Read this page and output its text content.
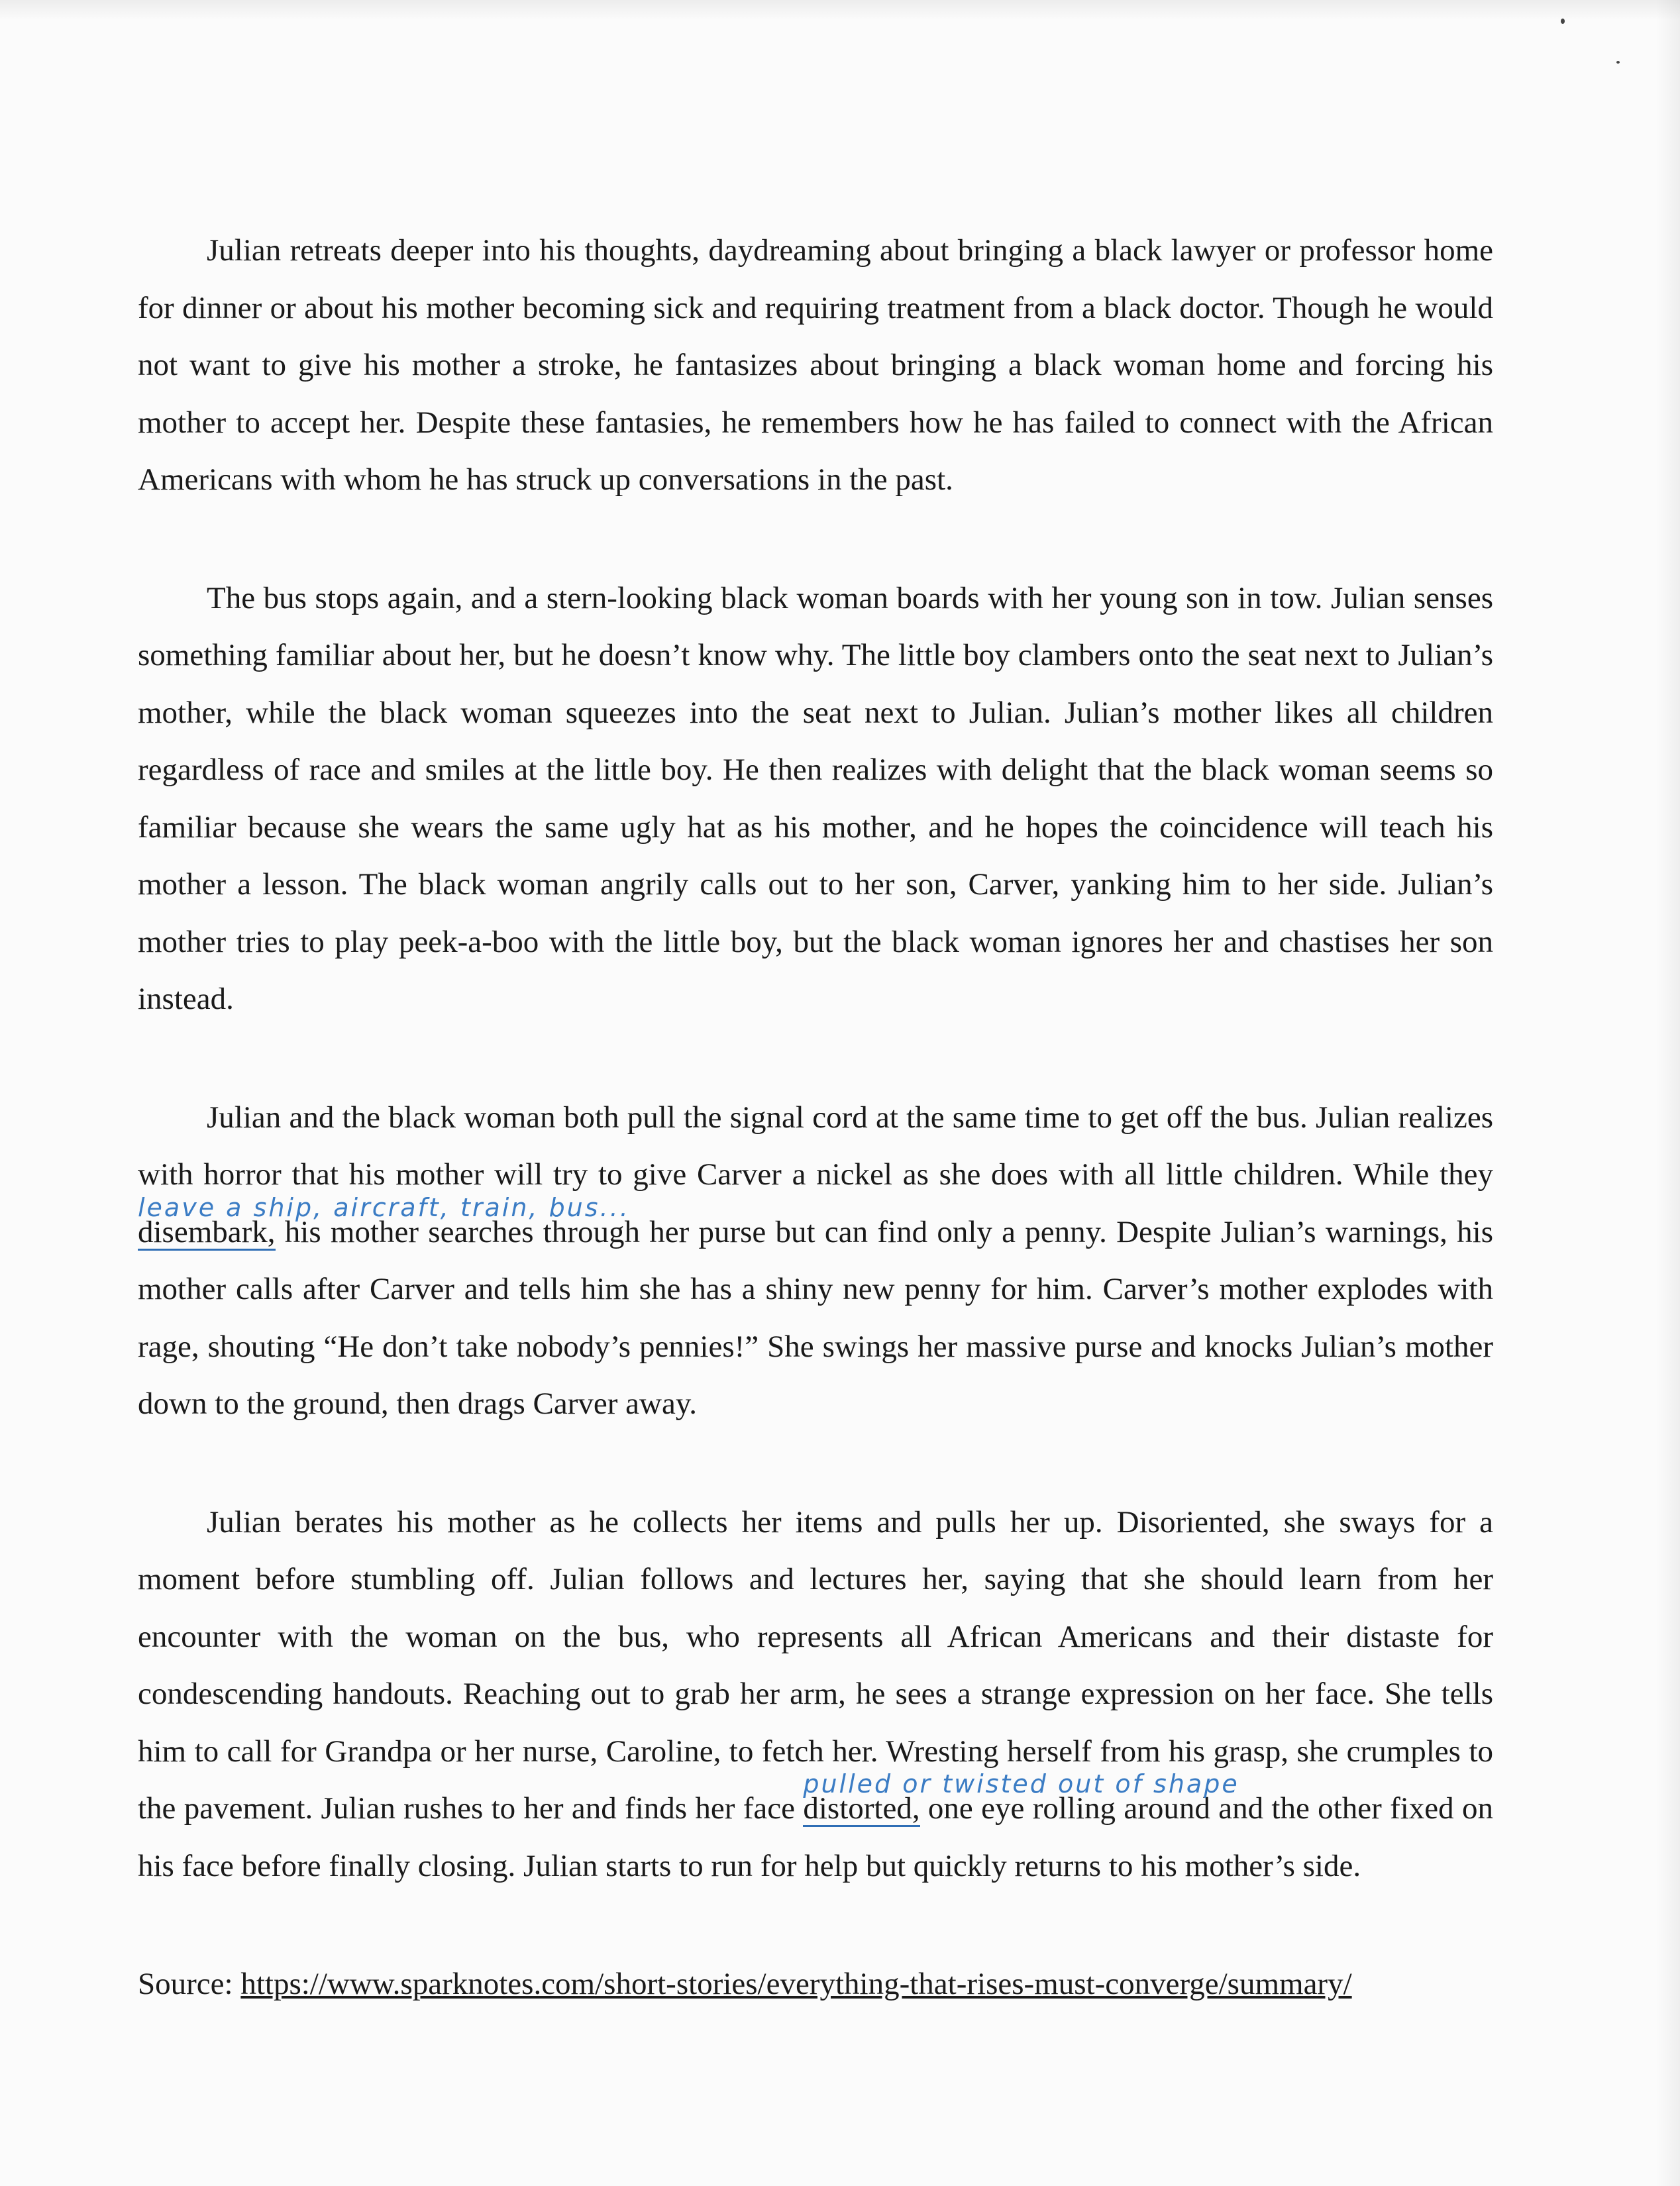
Julian retreats deeper into his thoughts, daydreaming about bringing a black lawyer or professor home for dinner or about his mother becoming sick and requiring treatment from a black doctor. Though he would not want to give his mother a stroke, he fantasizes about bringing a black woman home and forcing his mother to accept her. Despite these fantasies, he remembers how he has failed to connect with the African Americans with whom he has struck up conversations in the past.

The bus stops again, and a stern-looking black woman boards with her young son in tow. Julian senses something familiar about her, but he doesn’t know why. The little boy clambers onto the seat next to Julian’s mother, while the black woman squeezes into the seat next to Julian. Julian’s mother likes all children regardless of race and smiles at the little boy. He then realizes with delight that the black woman seems so familiar because she wears the same ugly hat as his mother, and he hopes the coincidence will teach his mother a lesson. The black woman angrily calls out to her son, Carver, yanking him to her side. Julian’s mother tries to play peek-a-boo with the little boy, but the black woman ignores her and chastises her son instead.

Julian and the black woman both pull the signal cord at the same time to get off the bus. Julian realizes with horror that his mother will try to give Carver a nickel as she does with all little children. While they
leave a ship, aircraft, train, bus...
disembark, his mother searches through her purse but can find only a penny. Despite Julian’s warnings, his mother calls after Carver and tells him she has a shiny new penny for him. Carver’s mother explodes with rage, shouting “He don’t take nobody’s pennies!” She swings her massive purse and knocks Julian’s mother down to the ground, then drags Carver away.

Julian berates his mother as he collects her items and pulls her up. Disoriented, she sways for a moment before stumbling off. Julian follows and lectures her, saying that she should learn from her encounter with the woman on the bus, who represents all African Americans and their distaste for condescending handouts. Reaching out to grab her arm, he sees a strange expression on her face. She tells him to call for Grandpa or her nurse, Caroline, to fetch her. Wresting herself from his grasp, she crumples to the pavement. Julian rushes to her and finds her face
pulled or twisted out of shape
distorted, one eye rolling around and the other fixed on his face before finally closing. Julian starts to run for help but quickly returns to his mother’s side.

Source: https://www.sparknotes.com/short-stories/everything-that-rises-must-converge/summary/
